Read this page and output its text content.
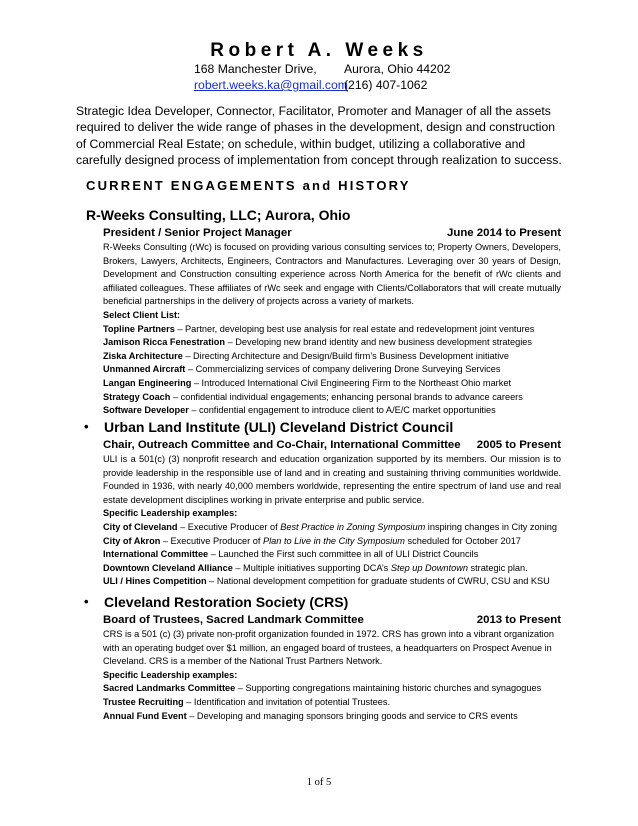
Robert A. Weeks
168 Manchester Drive, Aurora, Ohio 44202
robert.weeks.ka@gmail.com
(216) 407-1062
Strategic Idea Developer, Connector, Facilitator, Promoter and Manager of all the assets required to deliver the wide range of phases in the development, design and construction of Commercial Real Estate; on schedule, within budget, utilizing a collaborative and carefully designed process of implementation from concept through realization to success.
CURRENT ENGAGEMENTS and HISTORY
R-Weeks Consulting, LLC; Aurora, Ohio
President / Senior Project Manager	June 2014 to Present
R-Weeks Consulting (rWc) is focused on providing various consulting services to; Property Owners, Developers, Brokers, Lawyers, Architects, Engineers, Contractors and Manufactures. Leveraging over 30 years of Design, Development and Construction consulting experience across North America for the benefit of rWc clients and affiliated colleagues. These affiliates of rWc seek and engage with Clients/Collaborators that will create mutually beneficial partnerships in the delivery of projects across a variety of markets.
Select Client List:
Topline Partners – Partner, developing best use analysis for real estate and redevelopment joint ventures
Jamison Ricca Fenestration – Developing new brand identity and new business development strategies
Ziska Architecture – Directing Architecture and Design/Build firm’s Business Development initiative
Unmanned Aircraft – Commercializing services of company delivering Drone Surveying Services
Langan Engineering – Introduced International Civil Engineering Firm to the Northeast Ohio market
Strategy Coach – confidential individual engagements; enhancing personal brands to advance careers
Software Developer – confidential engagement to introduce client to A/E/C market opportunities
• Urban Land Institute (ULI) Cleveland District Council
Chair, Outreach Committee and Co-Chair, International Committee 2005 to Present
ULI is a 501(c) (3) nonprofit research and education organization supported by its members. Our mission is to provide leadership in the responsible use of land and in creating and sustaining thriving communities worldwide. Founded in 1936, with nearly 40,000 members worldwide, representing the entire spectrum of land use and real estate development disciplines working in private enterprise and public service.
Specific Leadership examples:
City of Cleveland – Executive Producer of Best Practice in Zoning Symposium inspiring changes in City zoning
City of Akron – Executive Producer of Plan to Live in the City Symposium scheduled for October 2017
International Committee – Launched the First such committee in all of ULI District Councils
Downtown Cleveland Alliance – Multiple initiatives supporting DCA’s Step up Downtown strategic plan.
ULI / Hines Competition – National development competition for graduate students of CWRU, CSU and KSU
• Cleveland Restoration Society (CRS)
Board of Trustees, Sacred Landmark Committee	2013 to Present
CRS is a 501 (c) (3) private non-profit organization founded in 1972. CRS has grown into a vibrant organization with an operating budget over $1 million, an engaged board of trustees, a headquarters on Prospect Avenue in Cleveland. CRS is a member of the National Trust Partners Network.
Specific Leadership examples:
Sacred Landmarks Committee – Supporting congregations maintaining historic churches and synagogues
Trustee Recruiting – Identification and invitation of potential Trustees.
Annual Fund Event – Developing and managing sponsors bringing goods and service to CRS events
1 of 5
